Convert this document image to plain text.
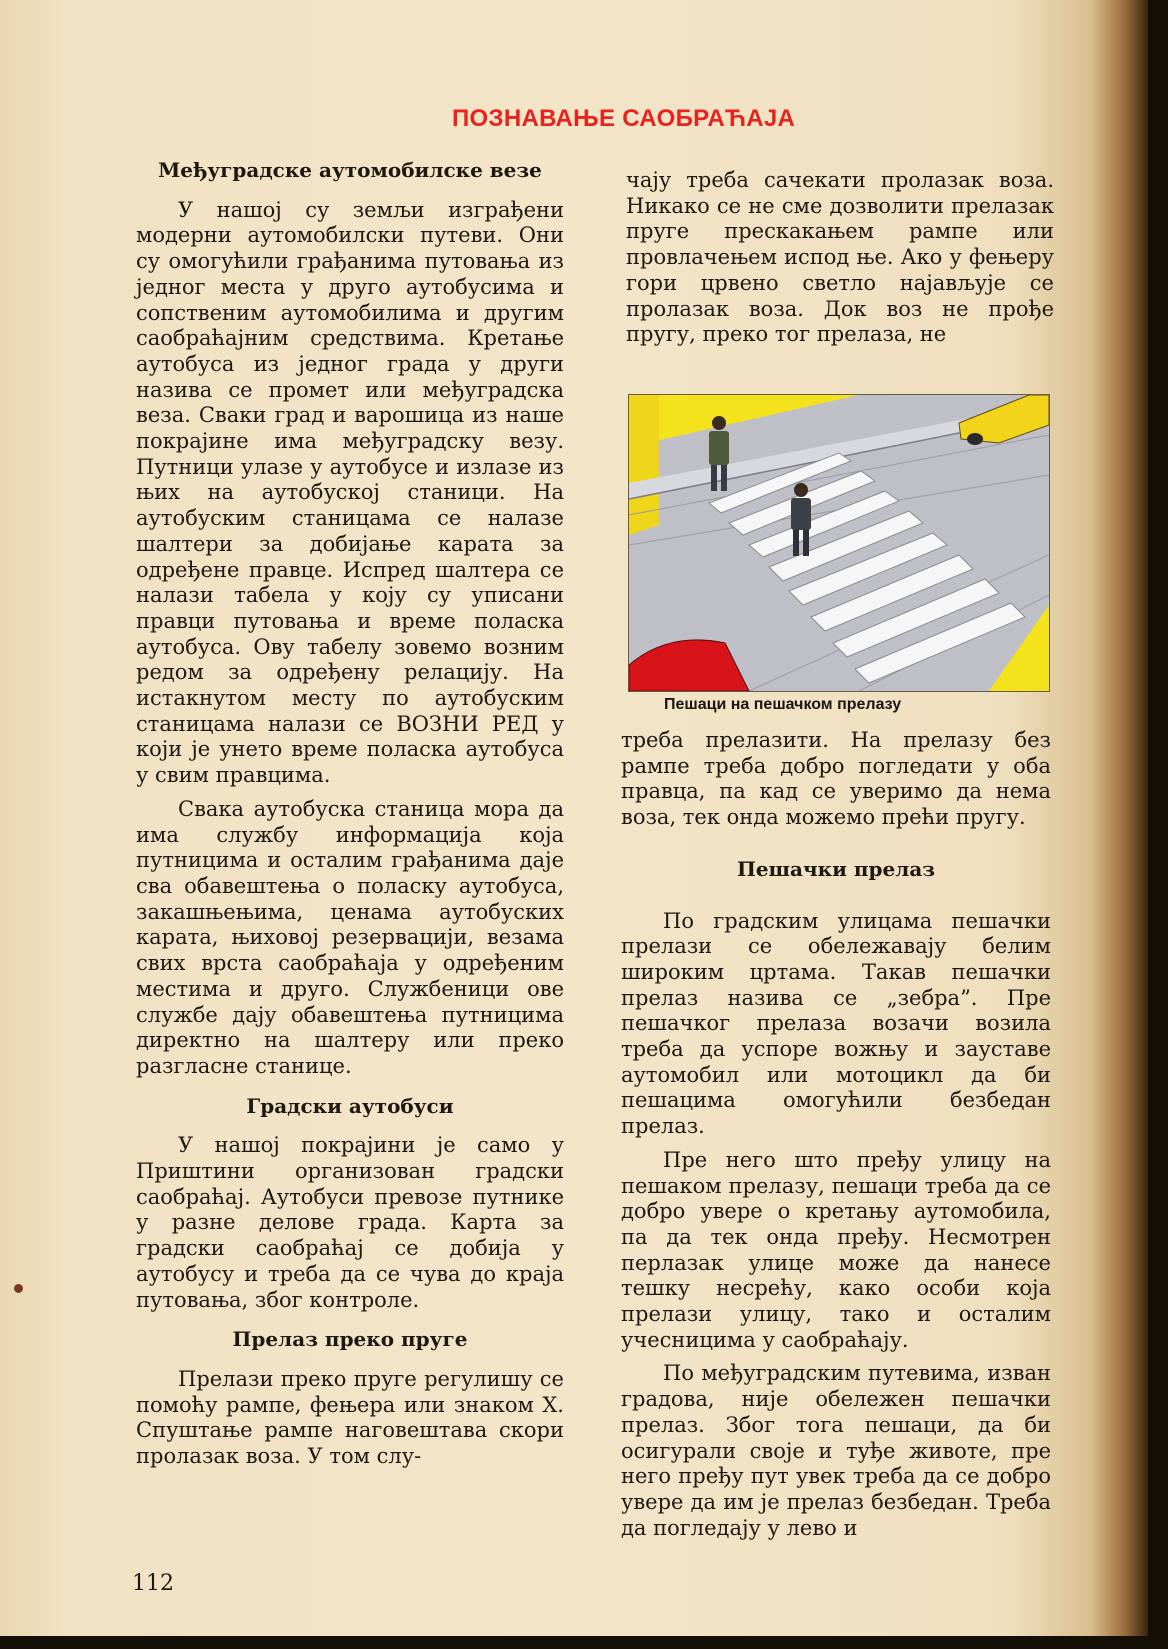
ПОЗНАВАЊЕ САОБРАЋАЈА
Међуградске аутомобилске везе

У нашој су земљи изграђени модерни аутомобилски путеви. Они су омогућили грађанима путовања из једног места у друго аутобусима и сопственим аутомобилима и другим саобраћајним средствима. Кретање аутобуса из једног града у други назива се промет или међуградска веза. Сваки град и варошица из наше покрајине има међуградску везу. Путници улазе у аутобусе и излазе из њих на аутобуској станици. На аутобуским станицама се налазе шалтери за добијање карата за одређене правце. Испред шалтера се налази табела у коју су уписани правци путовања и време поласка аутобуса. Ову табелу зовемо возним редом за одређену релацију. На истакнутом месту по аутобуским станицама налази се ВОЗНИ РЕД у који је унето време поласка аутобуса у свим правцима.

Свака аутобуска станица мора да има службу информација која путницима и осталим грађанима даје сва обавештења о поласку аутобуса, закашњењима, ценама аутобуских карата, њиховој резервацији, везама свих врста саобраћаја у одређеним местима и друго. Службеници ове службе дају обавештења путницима директно на шалтеру или преко разгласне станице.

Градски аутобуси

У нашој покрајини је само у Приштини организован градски саобраћај. Аутобуси превозе путнике у разне делове града. Карта за градски саобраћај се добија у аутобусу и треба да се чува до краја путовања, због контроле.

Прелаз преко пруге

Прелази преко пруге регулишу се помоћу рампе, фењера или знаком X. Спуштање рампе наговештава скори пролазак воза. У том слу-

чају треба сачекати пролазак воза. Никако се не сме дозволити прелазак пруге прескакањем рампе или провлачењем испод ње. Ако у фењеру гори црвено светло најављује се пролазак воза. Док воз не прође пругу, преко тог прелаза, не

Пешаци на пешачком прелазу

треба прелазити. На прелазу без рампе треба добро погледати у оба правца, па кад се уверимо да нема воза, тек онда можемо прећи пругу.

Пешачки прелаз

По градским улицама пешачки прелази се обележавају белим широким цртама. Такав пешачки прелаз назива се „зебра”. Пре пешачког прелаза возачи возила треба да успоре вожњу и зауставе аутомобил или мотоцикл да би пешацима омогућили безбедан прелаз.

Пре него што пређу улицу на пешаком прелазу, пешаци треба да се добро увере о кретању аутомобила, па да тек онда пређу. Несмотрен перлазак улице може да нанесе тешку несрећу, како особи која прелази улицу, тако и осталим учесницима у саобраћају.

По међуградским путевима, изван градова, није обележен пешачки прелаз. Због тога пешаци, да би осигурали своје и туђе животе, пре него пређу пут увек треба да се добро увере да им је прелаз безбедан. Треба да погледају у лево и

112
